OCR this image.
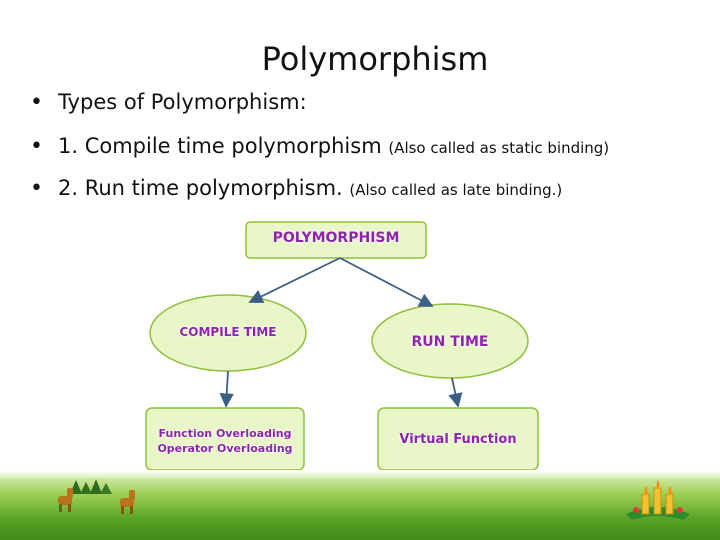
Polymorphism
• Types of Polymorphism:
• 1. Compile time polymorphism (Also called as static binding)
• 2. Run time polymorphism. (Also called as late binding.)
POLYMORPHISM
COMPILE TIME
RUN TIME
Function Overloading
Operator Overloading
Virtual Function
